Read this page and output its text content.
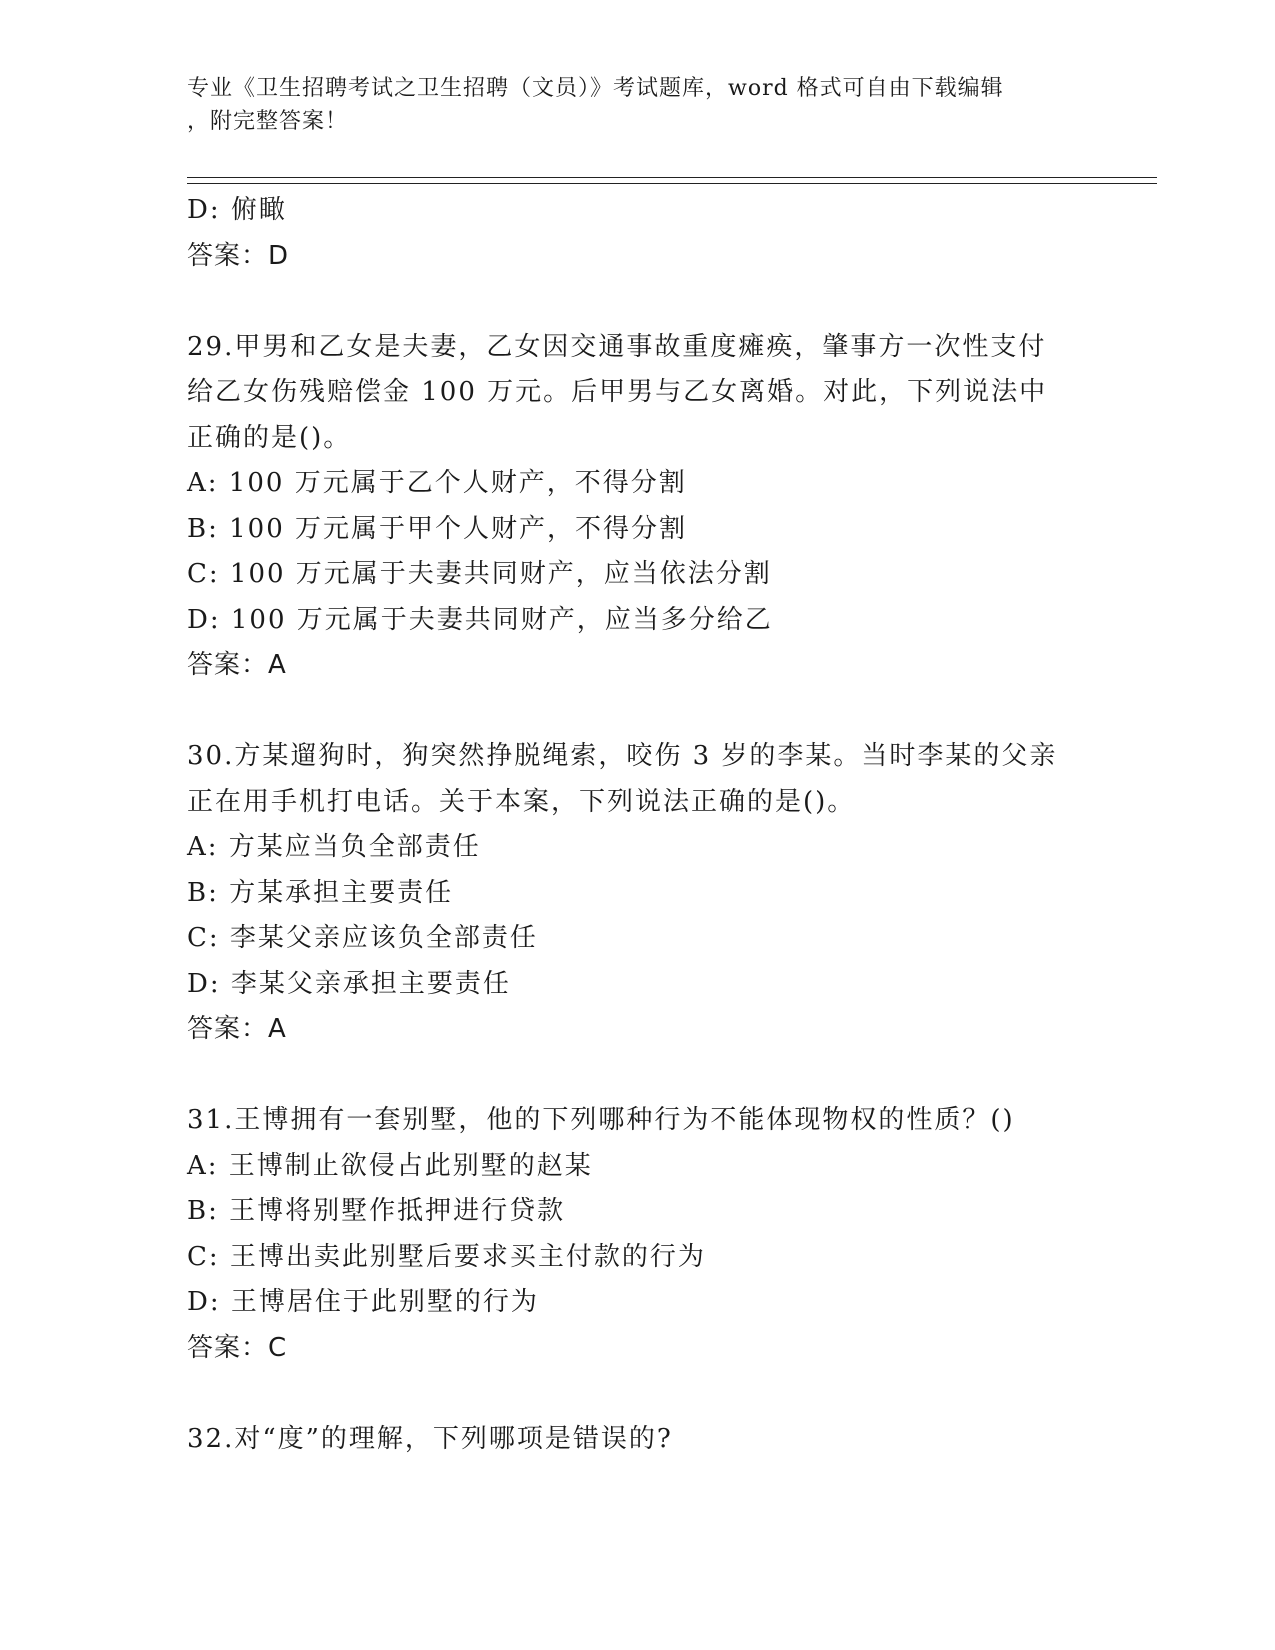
专业《卫生招聘考试之卫生招聘（文员）》考试题库，word 格式可自由下载编辑
，附完整答案！
D: 俯瞰
答案：D
29.甲男和乙女是夫妻，乙女因交通事故重度瘫痪，肇事方一次性支付
给乙女伤残赔偿金 100 万元。后甲男与乙女离婚。对此，下列说法中
正确的是()。
A: 100 万元属于乙个人财产，不得分割
B: 100 万元属于甲个人财产，不得分割
C: 100 万元属于夫妻共同财产，应当依法分割
D: 100 万元属于夫妻共同财产，应当多分给乙
答案：A
30.方某遛狗时，狗突然挣脱绳索，咬伤 3 岁的李某。当时李某的父亲
正在用手机打电话。关于本案，下列说法正确的是()。
A: 方某应当负全部责任
B: 方某承担主要责任
C: 李某父亲应该负全部责任
D: 李某父亲承担主要责任
答案：A
31.王博拥有一套别墅，他的下列哪种行为不能体现物权的性质？()
A: 王博制止欲侵占此别墅的赵某
B: 王博将别墅作抵押进行贷款
C: 王博出卖此别墅后要求买主付款的行为
D: 王博居住于此别墅的行为
答案：C
32.对“度”的理解，下列哪项是错误的?
